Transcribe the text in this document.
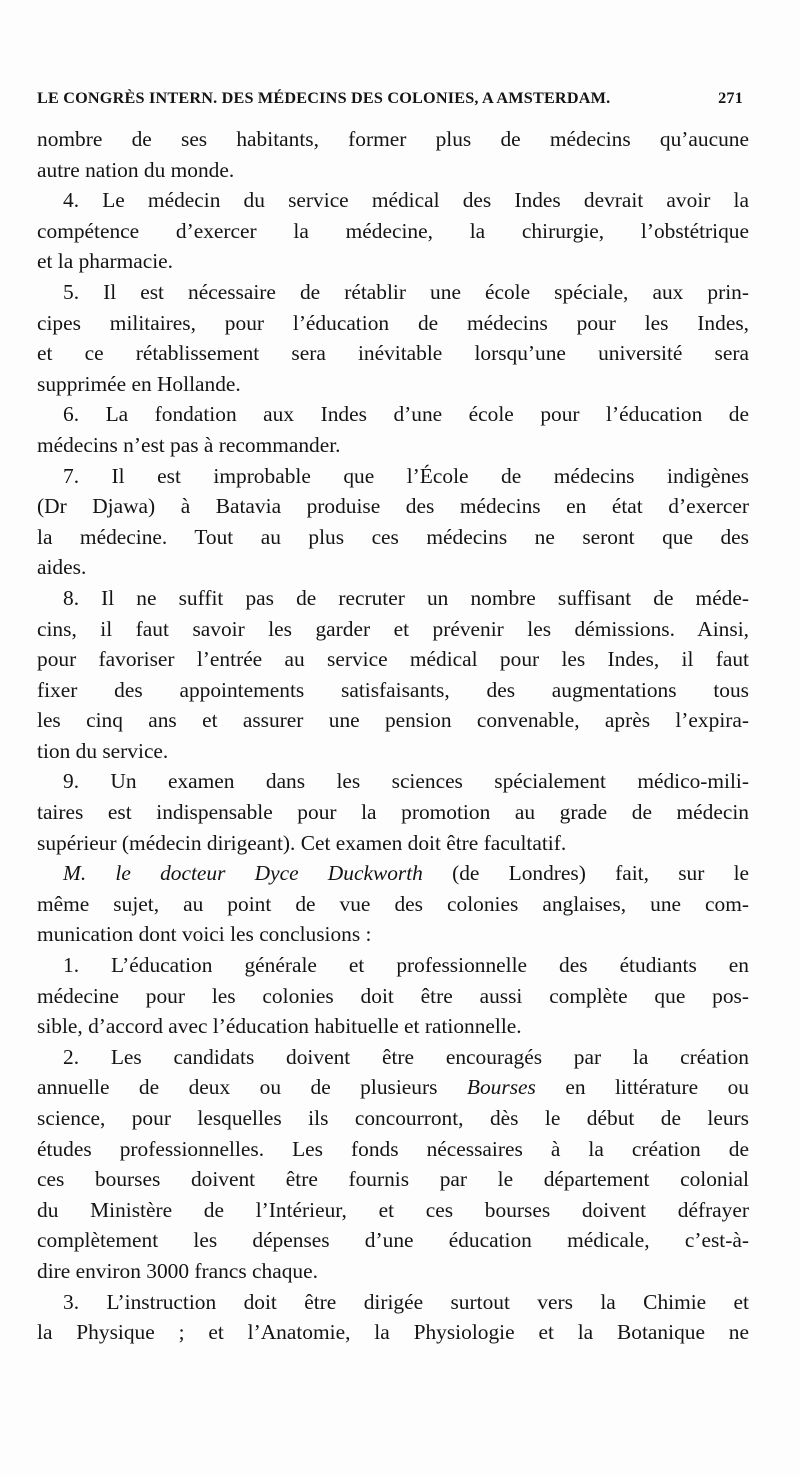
LE CONGRÈS INTERN. DES MÉDECINS DES COLONIES, A AMSTERDAM.	271
nombre de ses habitants, former plus de médecins qu’aucune
autre nation du monde.
4. Le médecin du service médical des Indes devrait avoir la
compétence d’exercer la médecine, la chirurgie, l’obstétrique
et la pharmacie.
5. Il est nécessaire de rétablir une école spéciale, aux prin-
cipes militaires, pour l’éducation de médecins pour les Indes,
et ce rétablissement sera inévitable lorsqu’une université sera
supprimée en Hollande.
6. La fondation aux Indes d’une école pour l’éducation de
médecins n’est pas à recommander.
7. Il est improbable que l’École de médecins indigènes
(Dr Djawa) à Batavia produise des médecins en état d’exercer
la médecine. Tout au plus ces médecins ne seront que des
aides.
8. Il ne suffit pas de recruter un nombre suffisant de méde-
cins, il faut savoir les garder et prévenir les démissions. Ainsi,
pour favoriser l’entrée au service médical pour les Indes, il faut
fixer des appointements satisfaisants, des augmentations tous
les cinq ans et assurer une pension convenable, après l’expira-
tion du service.
9. Un examen dans les sciences spécialement médico-mili-
taires est indispensable pour la promotion au grade de médecin
supérieur (médecin dirigeant). Cet examen doit être facultatif.
M. le docteur Dyce Duckworth (de Londres) fait, sur le
même sujet, au point de vue des colonies anglaises, une com-
munication dont voici les conclusions :
1. L’éducation générale et professionnelle des étudiants en
médecine pour les colonies doit être aussi complète que pos-
sible, d’accord avec l’éducation habituelle et rationnelle.
2. Les candidats doivent être encouragés par la création
annuelle de deux ou de plusieurs Bourses en littérature ou
science, pour lesquelles ils concourront, dès le début de leurs
études professionnelles. Les fonds nécessaires à la création de
ces bourses doivent être fournis par le département colonial
du Ministère de l’Intérieur, et ces bourses doivent défrayer
complètement les dépenses d’une éducation médicale, c’est-à-
dire environ 3000 francs chaque.
3. L’instruction doit être dirigée surtout vers la Chimie et
la Physique ; et l’Anatomie, la Physiologie et la Botanique ne
